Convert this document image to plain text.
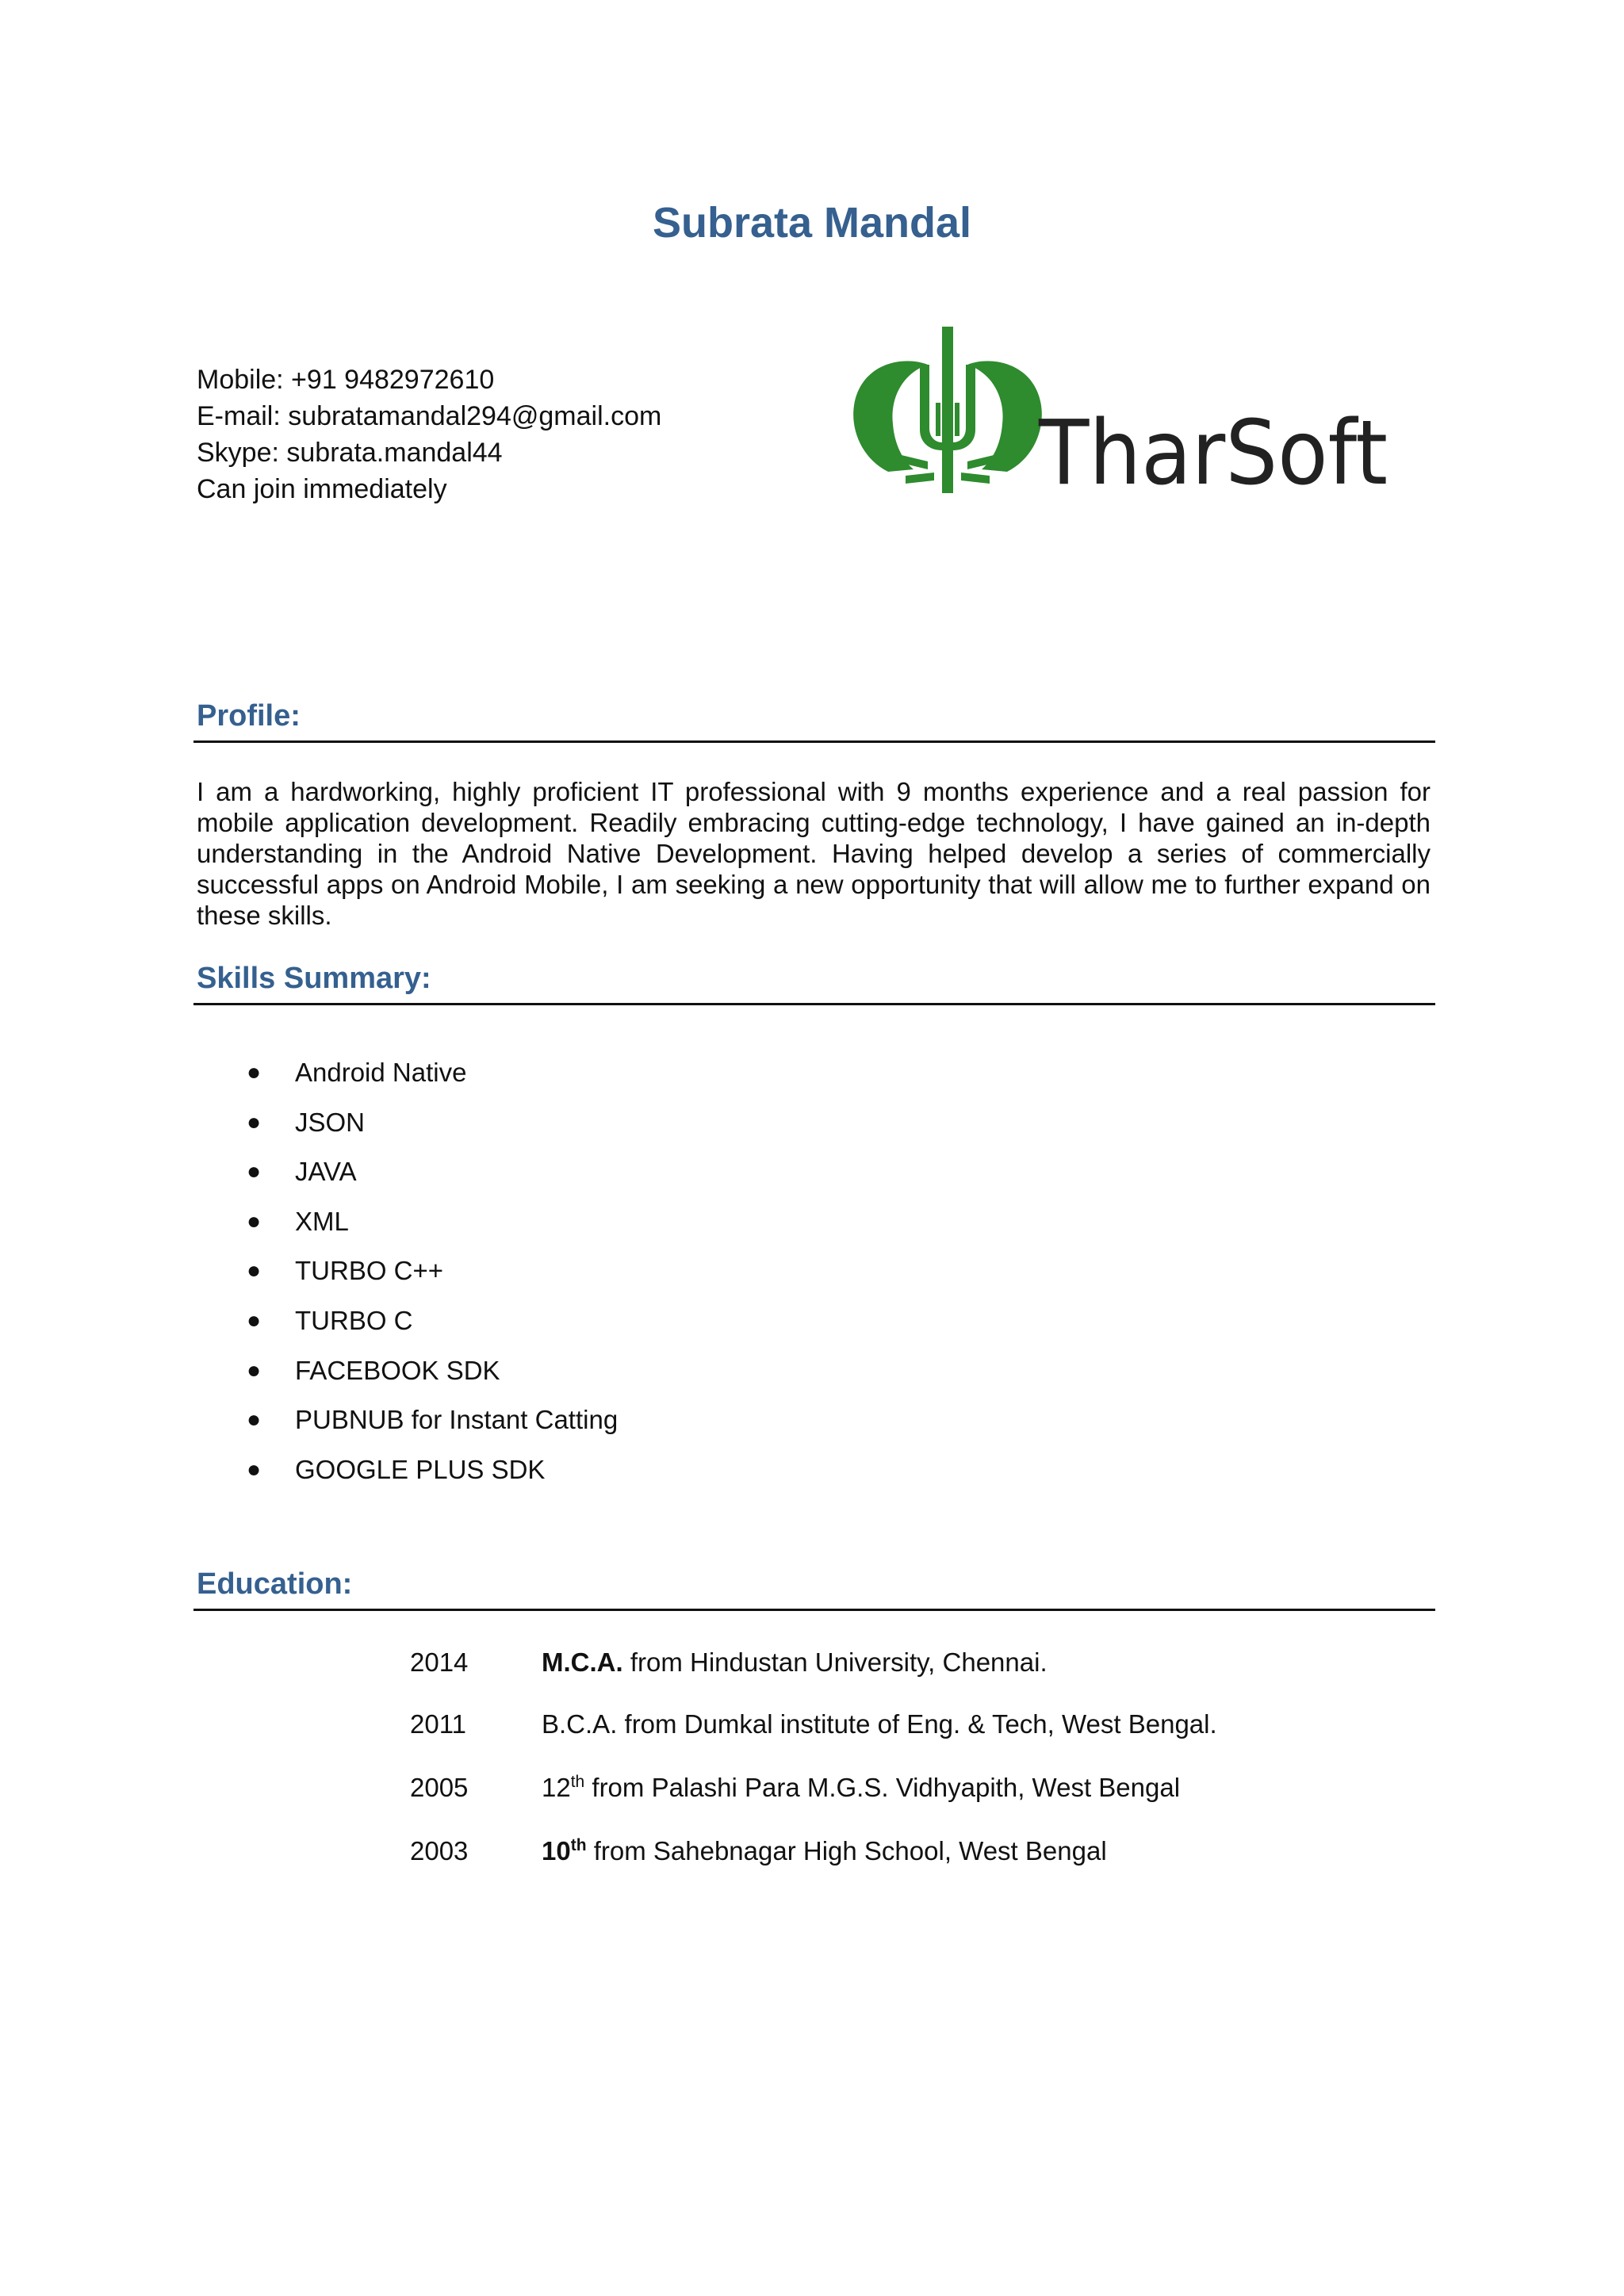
Subrata Mandal
Mobile: +91 9482972610
E-mail: subratamandal294@gmail.com
Skype: subrata.mandal44
Can join immediately	TharSoft
Profile:
I am a hardworking, highly proficient IT professional with 9 months experience and a real passion for mobile application development. Readily embracing cutting-edge technology, I have gained an in-depth understanding in the Android Native Development. Having helped develop a series of commercially successful apps on Android Mobile, I am seeking a new opportunity that will allow me to further expand on these skills.
Skills Summary:
● Android Native
● JSON
● JAVA
● XML
● TURBO C++
● TURBO C
● FACEBOOK SDK
● PUBNUB for Instant Catting
● GOOGLE PLUS SDK
Education:
2014	M.C.A. from Hindustan University, Chennai.
2011	B.C.A. from Dumkal institute of Eng. & Tech, West Bengal.
2005	12th from Palashi Para M.G.S. Vidhyapith, West Bengal
2003	10th from Sahebnagar High School, West Bengal
